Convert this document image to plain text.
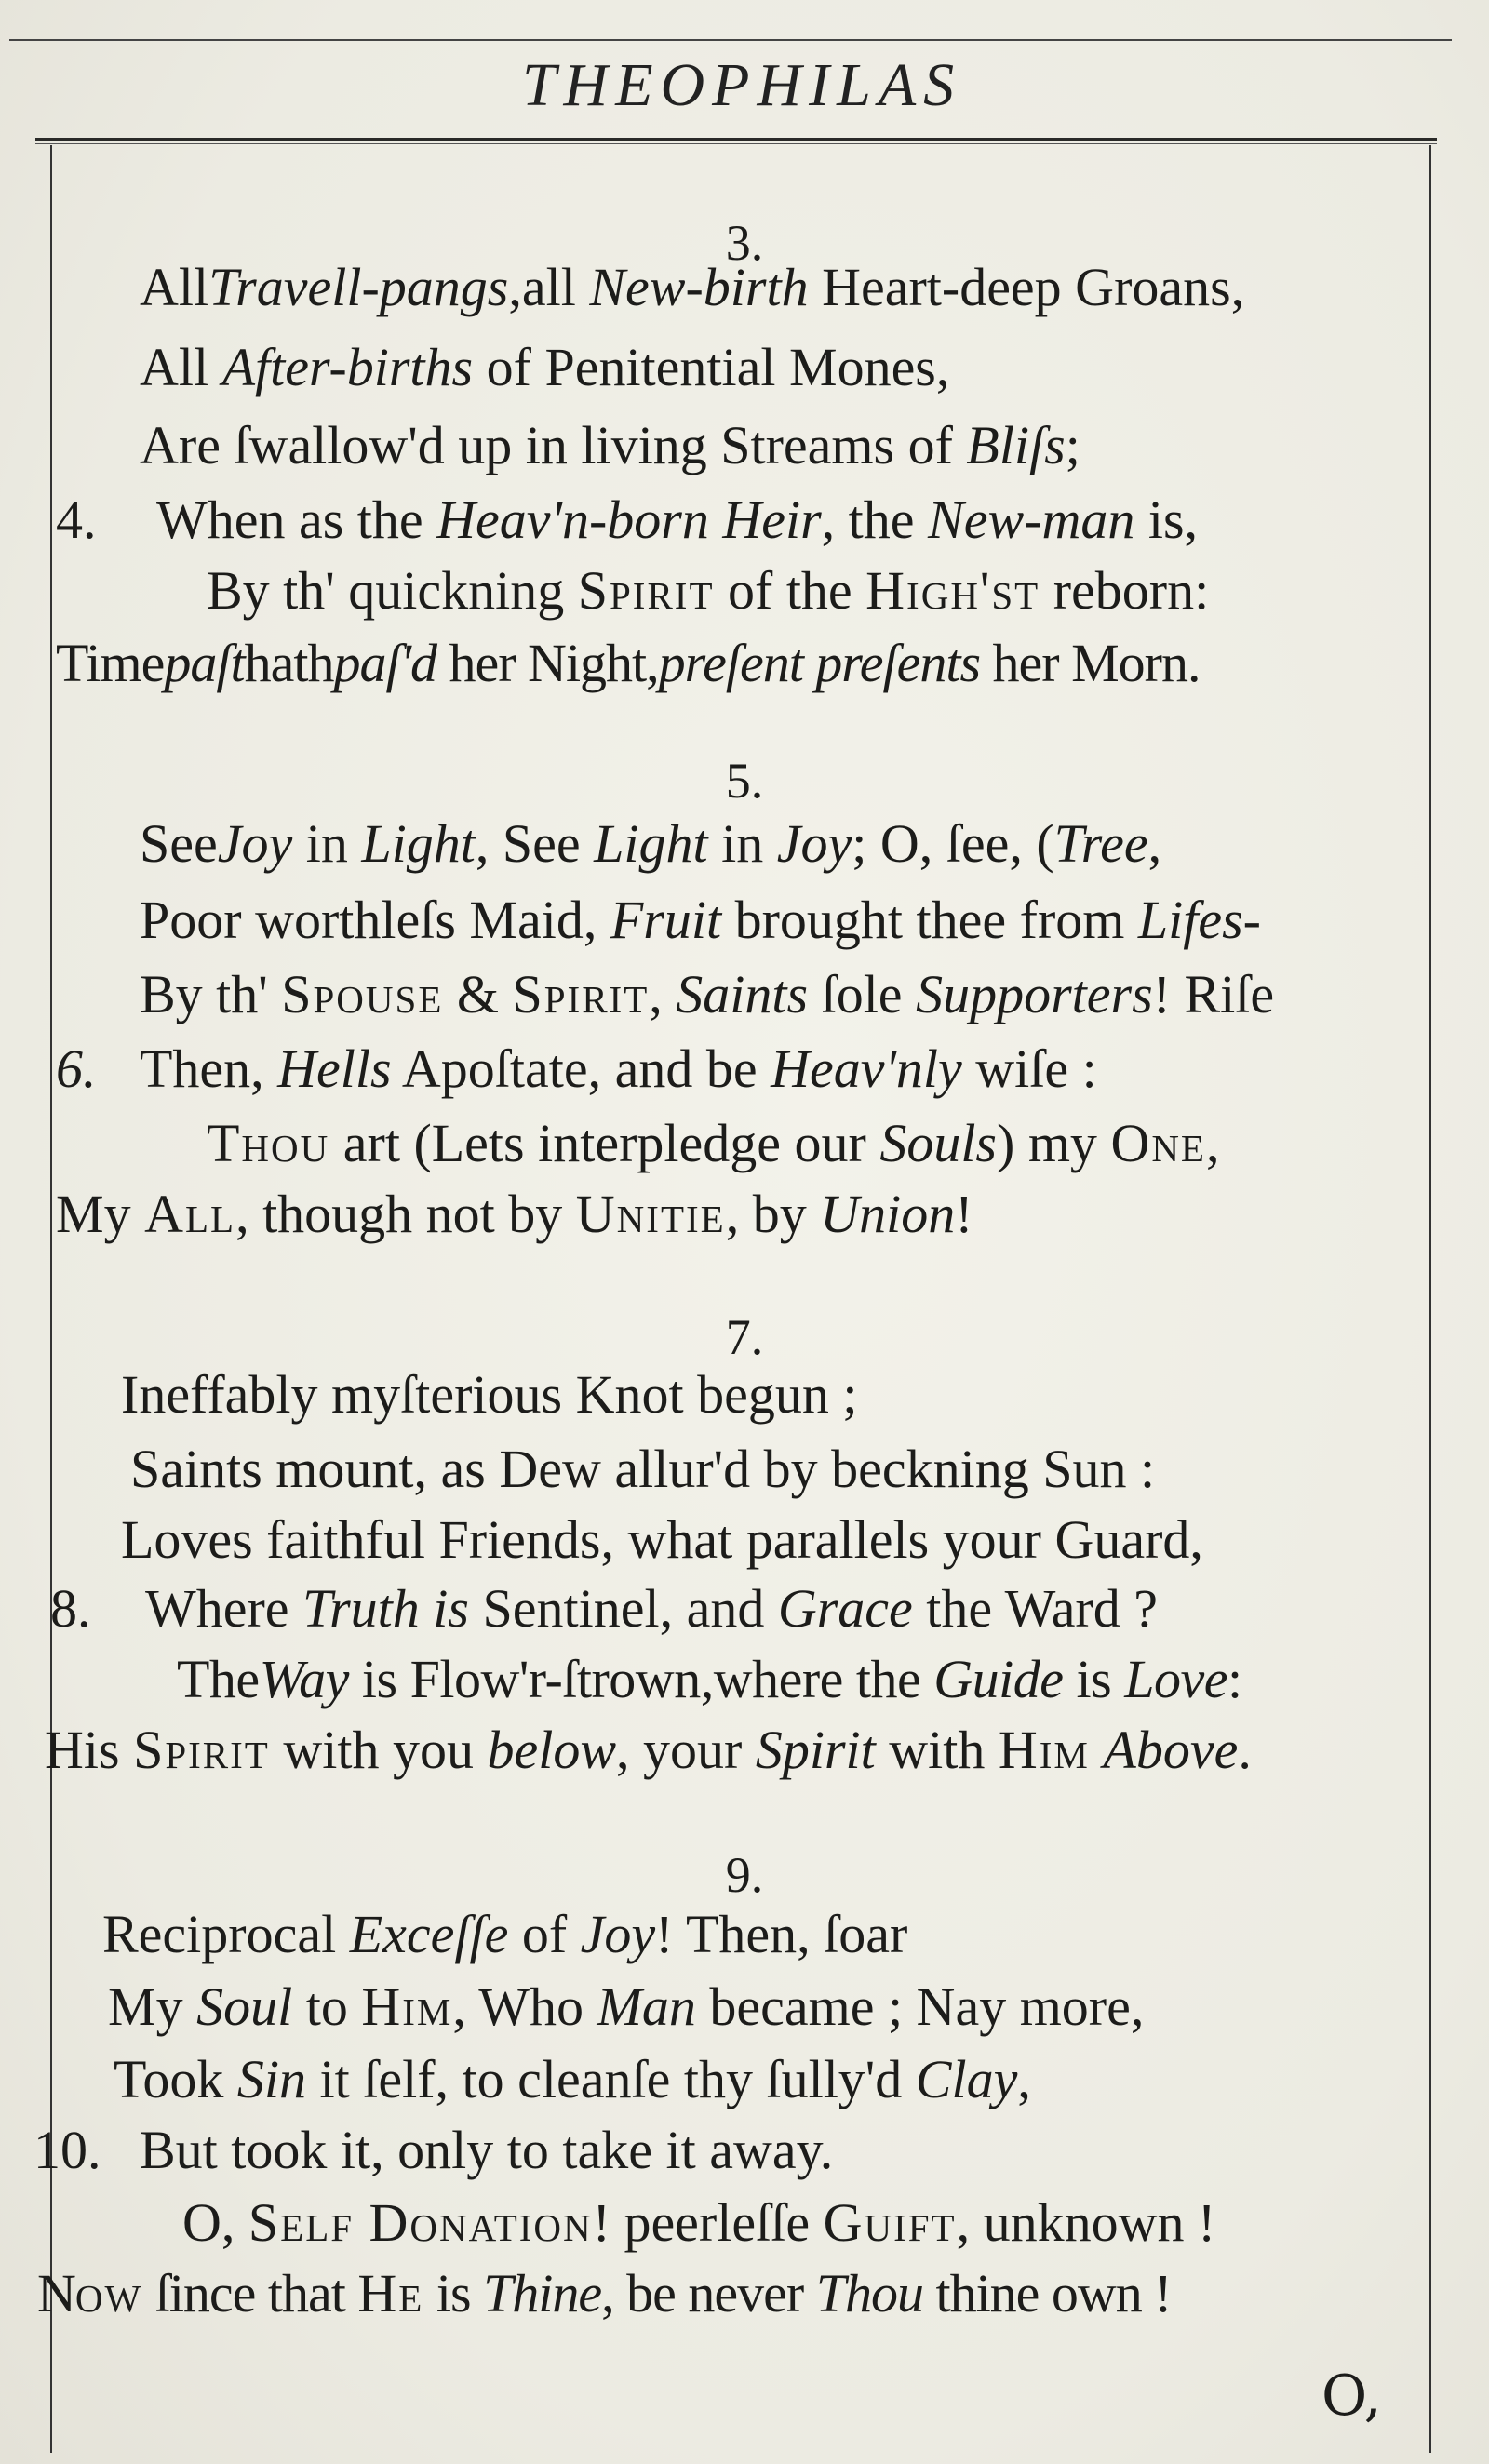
THEOPHILAS
3.
AllTravell-pangs,all New-birth Heart-deep Groans,
All After-births of Penitential Mones,
Are ſwallow'd up in living Streams of Bliſs;
4. When as the Heav'n-born Heir, the New-man is,
By th' quickning Spirit of the High'st reborn:
Timepaſthathpaſ'd her Night,preſent preſents her Morn.
5.
SeeJoy in Light, See Light in Joy; O, ſee, (Tree,
Poor worthleſs Maid, Fruit brought thee from Lifes-
By th' Spouse & Spirit, Saints ſole Supporters! Riſe
6. Then, Hells Apoſtate, and be Heav'nly wiſe :
Thou art (Lets interpledge our Souls) my One,
My All, though not by Unitie, by Union!
7.
Ineffably myſterious Knot begun ;
Saints mount, as Dew allur'd by beckning Sun :
Loves faithful Friends, what parallels your Guard,
8. Where Truth is Sentinel, and Grace the Ward ?
TheWay is Flow'r-ſtrown,where the Guide is Love:
His Spirit with you below, your Spirit with Him Above.
9.
Reciprocal Exceſſe of Joy! Then, ſoar
My Soul to Him, Who Man became ; Nay more,
Took Sin it ſelf, to cleanſe thy ſully'd Clay,
10. But took it, only to take it away.
O, Self Donation! peerleſſe Guift, unknown !
Now ſince that He is Thine, be never Thou thine own !
O,
